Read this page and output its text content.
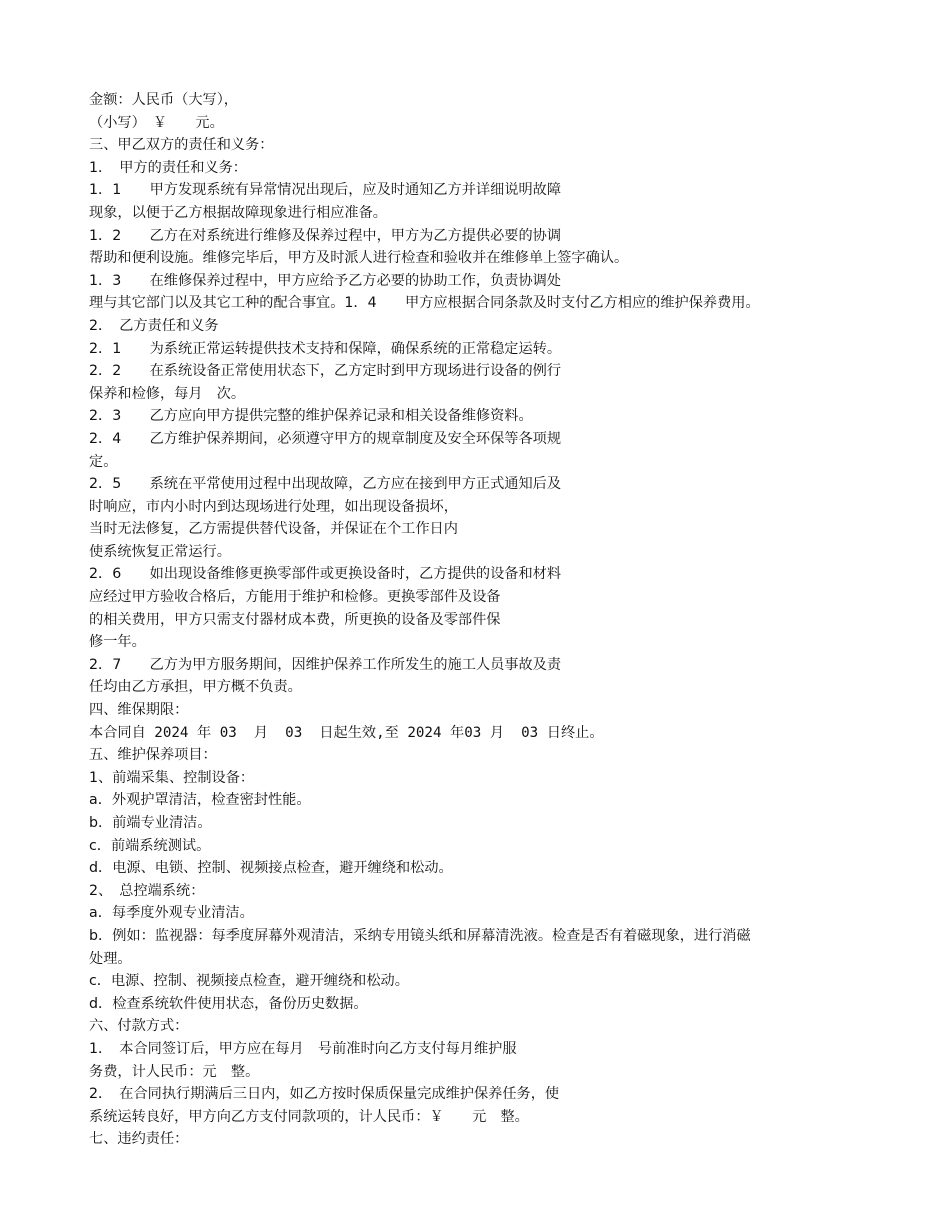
金额：人民币（大写），
（小写）　￥　　元。
三、甲乙双方的责任和义务：
1．　甲方的责任和义务：
1．1　　甲方发现系统有异常情况出现后，应及时通知乙方并详细说明故障
现象，以便于乙方根据故障现象进行相应准备。
1．2　　乙方在对系统进行维修及保养过程中，甲方为乙方提供必要的协调
帮助和便利设施。维修完毕后，甲方及时派人进行检查和验收并在维修单上签字确认。
1．3　　在维修保养过程中，甲方应给予乙方必要的协助工作，负责协调处
理与其它部门以及其它工种的配合事宜。1．4　　甲方应根据合同条款及时支付乙方相应的维护保养费用。
2．　乙方责任和义务
2．1　　为系统正常运转提供技术支持和保障，确保系统的正常稳定运转。
2．2　　在系统设备正常使用状态下，乙方定时到甲方现场进行设备的例行
保养和检修，每月　次。
2．3　　乙方应向甲方提供完整的维护保养记录和相关设备维修资料。
2．4　　乙方维护保养期间，必须遵守甲方的规章制度及安全环保等各项规
定。
2．5　　系统在平常使用过程中出现故障，乙方应在接到甲方正式通知后及
时响应，市内小时内到达现场进行处理，如出现设备损坏，
当时无法修复，乙方需提供替代设备，并保证在个工作日内
使系统恢复正常运行。
2．6　　如出现设备维修更换零部件或更换设备时，乙方提供的设备和材料
应经过甲方验收合格后，方能用于维护和检修。更换零部件及设备
的相关费用，甲方只需支付器材成本费，所更换的设备及零部件保
修一年。
2．7　　乙方为甲方服务期间，因维护保养工作所发生的施工人员事故及责
任均由乙方承担，甲方概不负责。
四、维保期限：
本合同自 2024 年 03  月  03  日起生效,至 2024 年03 月  03 日终止。
五、维护保养项目：
1、前端采集、控制设备：
a．外观护罩清洁，检查密封性能。
b．前端专业清洁。
c．前端系统测试。
d．电源、电锁、控制、视频接点检查，避开缠绕和松动。
2、　总控端系统：
a．每季度外观专业清洁。
b．例如：监视器：每季度屏幕外观清洁，采纳专用镜头纸和屏幕清洗液。检查是否有着磁现象，进行消磁
处理。
c．电源、控制、视频接点检查，避开缠绕和松动。
d．检查系统软件使用状态，备份历史数据。
六、付款方式：
1．　本合同签订后，甲方应在每月　号前准时向乙方支付每月维护服
务费，计人民币：元　整。
2．　在合同执行期满后三日内，如乙方按时保质保量完成维护保养任务，使
系统运转良好，甲方向乙方支付同款项的，计人民币：￥　　元　整。
七、违约责任：
